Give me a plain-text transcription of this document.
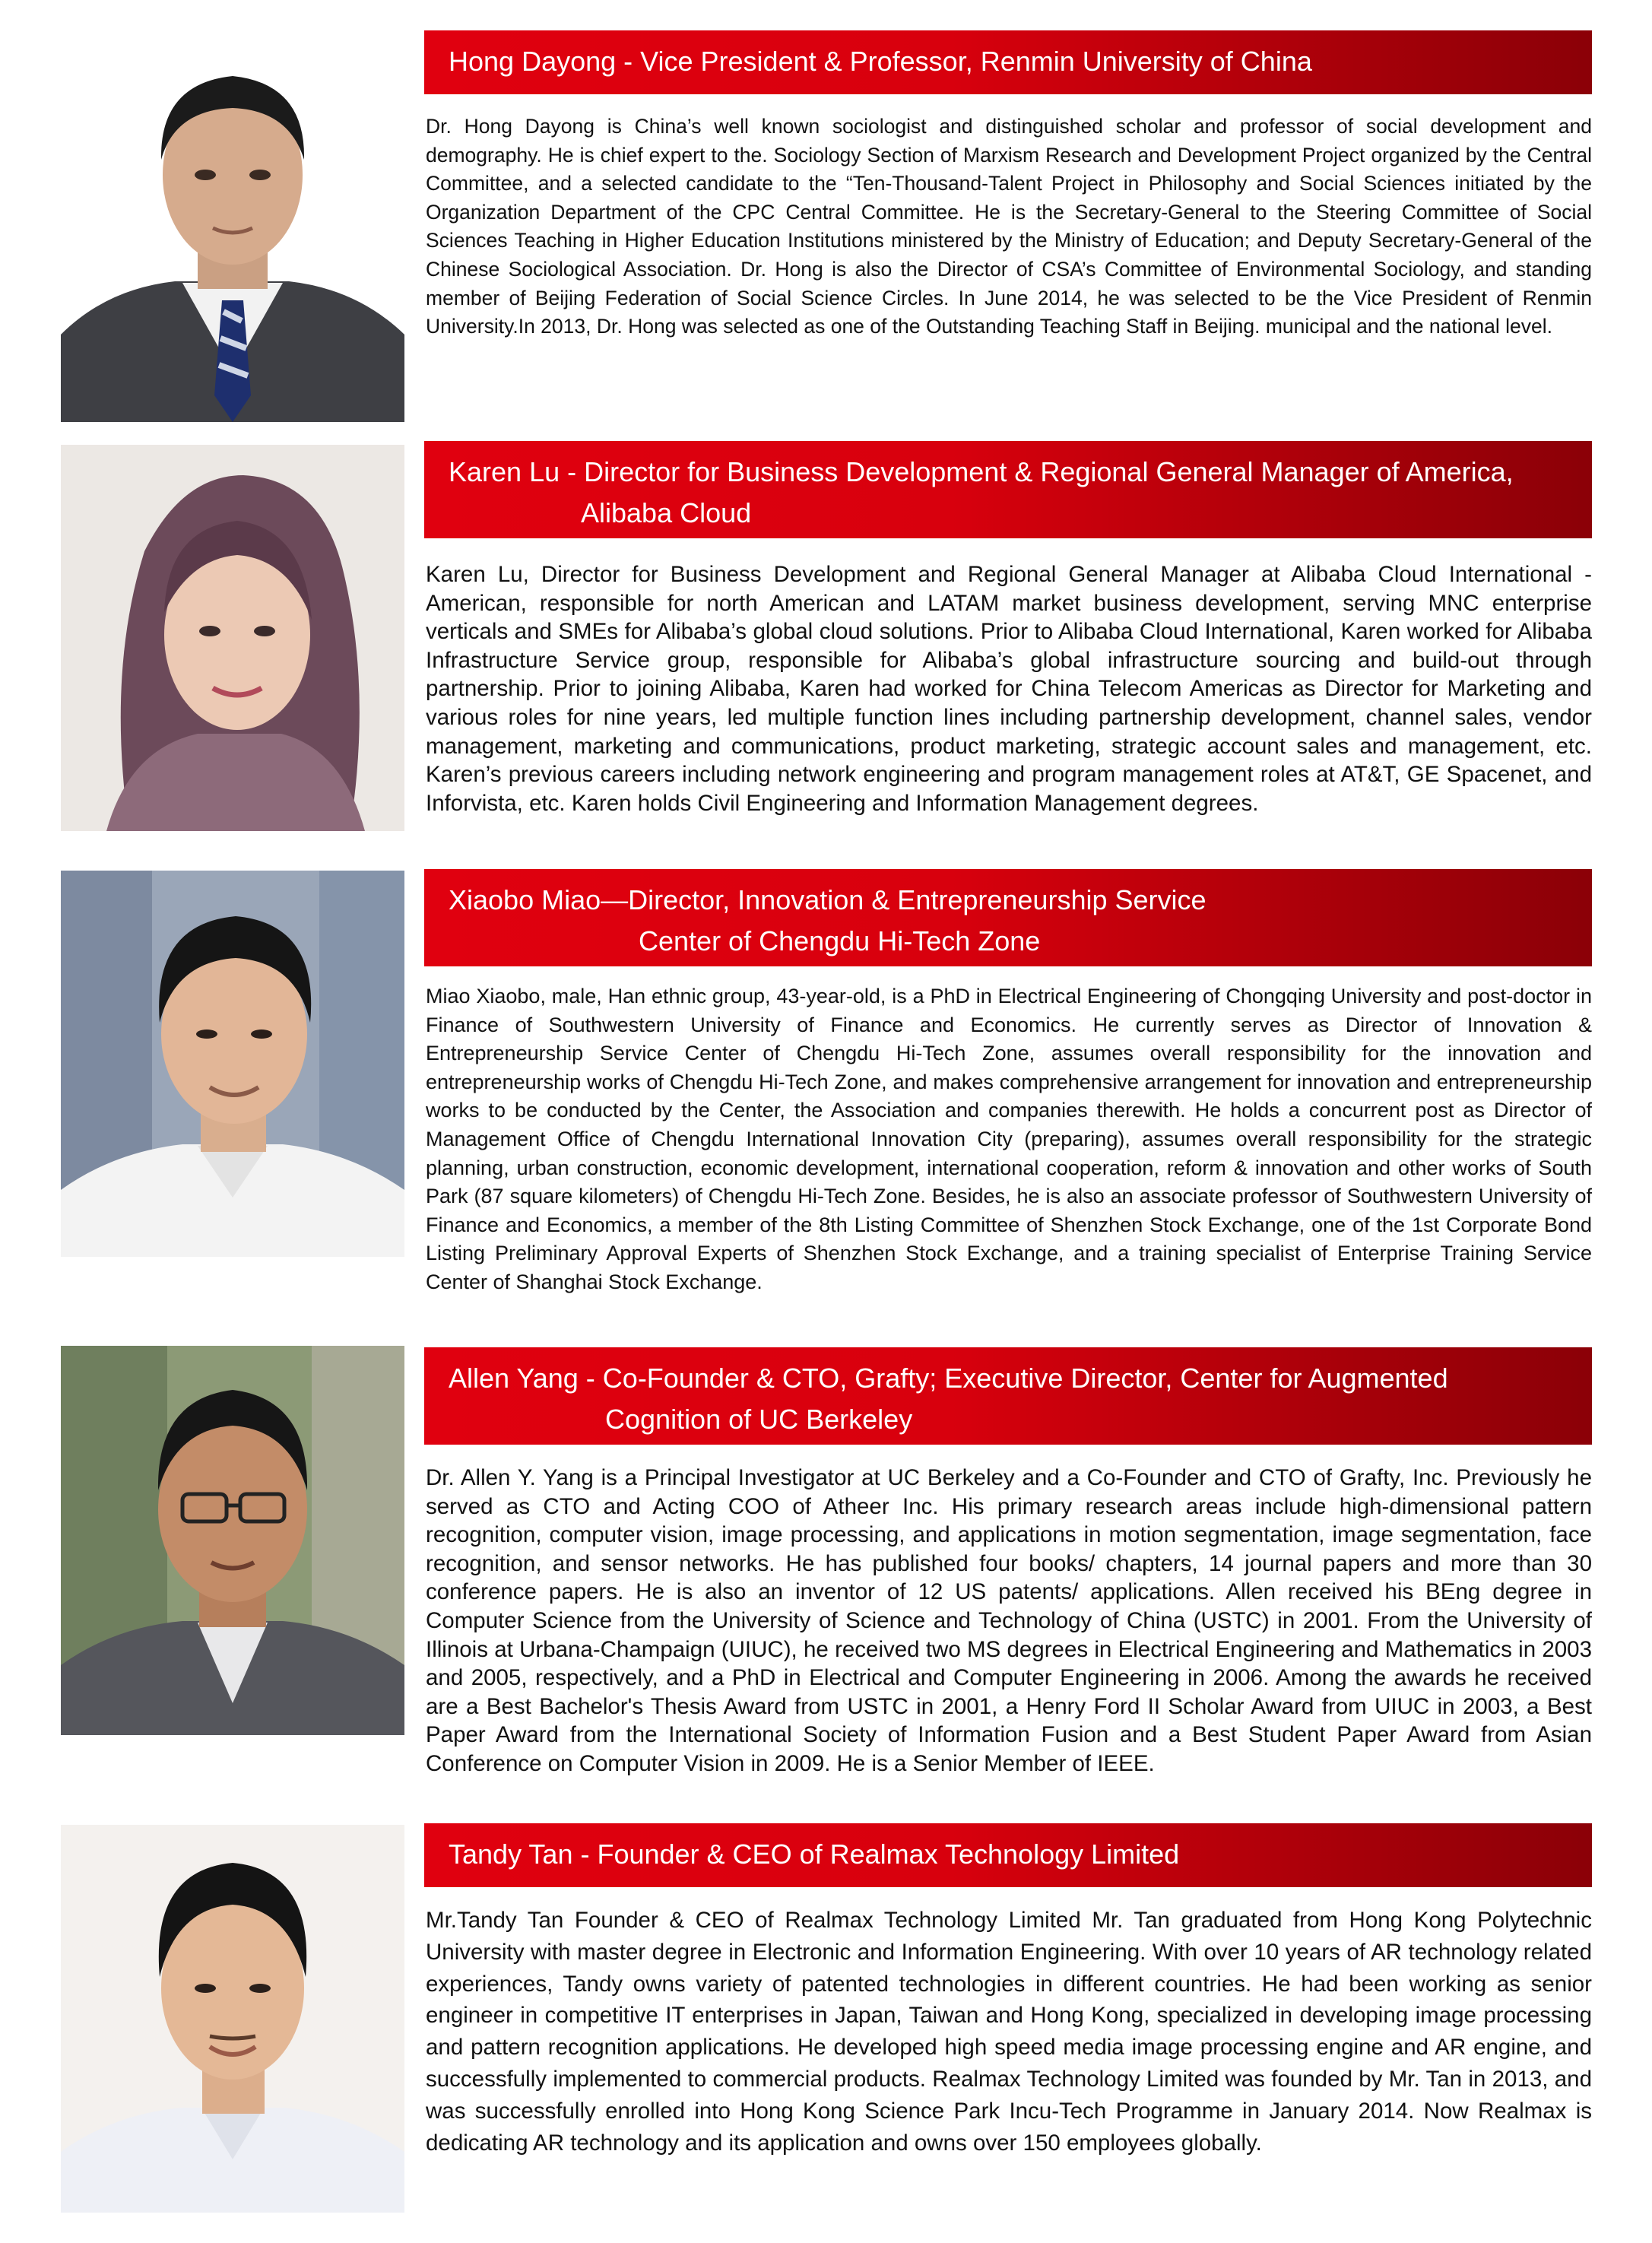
Hong Dayong - Vice President & Professor, Renmin University of China

Dr. Hong Dayong is China’s well known sociologist and distinguished scholar and professor of social development and demography. He is chief expert to the. Sociology Section of Marxism Research and Development Project organized by the Central Committee, and a selected candidate to the “Ten-Thousand-Talent Project in Philosophy and Social Sciences initiated by the Organization Department of the CPC Central Committee. He is the Secretary-General to the Steering Committee of Social Sciences Teaching in Higher Education Institutions ministered by the Ministry of Education; and Deputy Secretary-General of the Chinese Sociological Association. Dr. Hong is also the Director of CSA’s Committee of Environmental Sociology, and standing member of Beijing Federation of Social Science Circles. In June 2014, he was selected to be the Vice President of Renmin University.In 2013, Dr. Hong was selected as one of the Outstanding Teaching Staff in Beijing. municipal and the national level.

Karen Lu - Director for Business Development & Regional General Manager of America,
Alibaba Cloud

Karen Lu, Director for Business Development and Regional General Manager at Alibaba Cloud International - American, responsible for north American and LATAM market business development, serving MNC enterprise verticals and SMEs for Alibaba’s global cloud solutions. Prior to Alibaba Cloud International, Karen worked for Alibaba Infrastructure Service group, responsible for Alibaba’s global infrastructure sourcing and build-out through partnership. Prior to joining Alibaba, Karen had worked for China Telecom Americas as Director for Marketing and various roles for nine years, led multiple function lines including partnership development, channel sales, vendor management, marketing and communications, product marketing, strategic account sales and management, etc. Karen’s previous careers including network engineering and program management roles at AT&T, GE Spacenet, and Inforvista, etc. Karen holds Civil Engineering and Information Management degrees.

Xiaobo Miao—Director, Innovation & Entrepreneurship Service
Center of Chengdu Hi-Tech Zone

Miao Xiaobo, male, Han ethnic group, 43-year-old, is a PhD in Electrical Engineering of Chongqing University and post-doctor in Finance of Southwestern University of Finance and Economics. He currently serves as Director of Innovation & Entrepreneurship Service Center of Chengdu Hi-Tech Zone, assumes overall responsibility for the innovation and entrepreneurship works of Chengdu Hi-Tech Zone, and makes comprehensive arrangement for innovation and entrepreneurship works to be conducted by the Center, the Association and companies therewith. He holds a concurrent post as Director of Management Office of Chengdu International Innovation City (preparing), assumes overall responsibility for the strategic planning, urban construction, economic development, international cooperation, reform & innovation and other works of South Park (87 square kilometers) of Chengdu Hi-Tech Zone. Besides, he is also an associate professor of Southwestern University of Finance and Economics, a member of the 8th Listing Committee of Shenzhen Stock Exchange, one of the 1st Corporate Bond Listing Preliminary Approval Experts of Shenzhen Stock Exchange, and a training specialist of Enterprise Training Service Center of Shanghai Stock Exchange.

Allen Yang - Co-Founder & CTO, Grafty; Executive Director, Center for Augmented
Cognition of UC Berkeley

Dr. Allen Y. Yang is a Principal Investigator at UC Berkeley and a Co-Founder and CTO of Grafty, Inc. Previously he served as CTO and Acting COO of Atheer Inc. His primary research areas include high-dimensional pattern recognition, computer vision, image processing, and applications in motion segmentation, image segmentation, face recognition, and sensor networks. He has published four books/ chapters, 14 journal papers and more than 30 conference papers. He is also an inventor of 12 US patents/ applications. Allen received his BEng degree in Computer Science from the University of Science and Technology of China (USTC) in 2001. From the University of Illinois at Urbana-Champaign (UIUC), he received two MS degrees in Electrical Engineering and Mathematics in 2003 and 2005, respectively, and a PhD in Electrical and Computer Engineering in 2006. Among the awards he received are a Best Bachelor's Thesis Award from USTC in 2001, a Henry Ford II Scholar Award from UIUC in 2003, a Best Paper Award from the International Society of Information Fusion and a Best Student Paper Award from Asian Conference on Computer Vision in 2009. He is a Senior Member of IEEE.

Tandy Tan - Founder & CEO of Realmax Technology Limited

Mr.Tandy Tan Founder & CEO of Realmax Technology Limited Mr. Tan graduated from Hong Kong Polytechnic University with master degree in Electronic and Information Engineering. With over 10 years of AR technology related experiences, Tandy owns variety of patented technologies in different countries. He had been working as senior engineer in competitive IT enterprises in Japan, Taiwan and Hong Kong, specialized in developing image processing and pattern recognition applications. He developed high speed media image processing engine and AR engine, and successfully implemented to commercial products. Realmax Technology Limited was founded by Mr. Tan in 2013, and was successfully enrolled into Hong Kong Science Park Incu-Tech Programme in January 2014. Now Realmax is dedicating AR technology and its application and owns over 150 employees globally.
